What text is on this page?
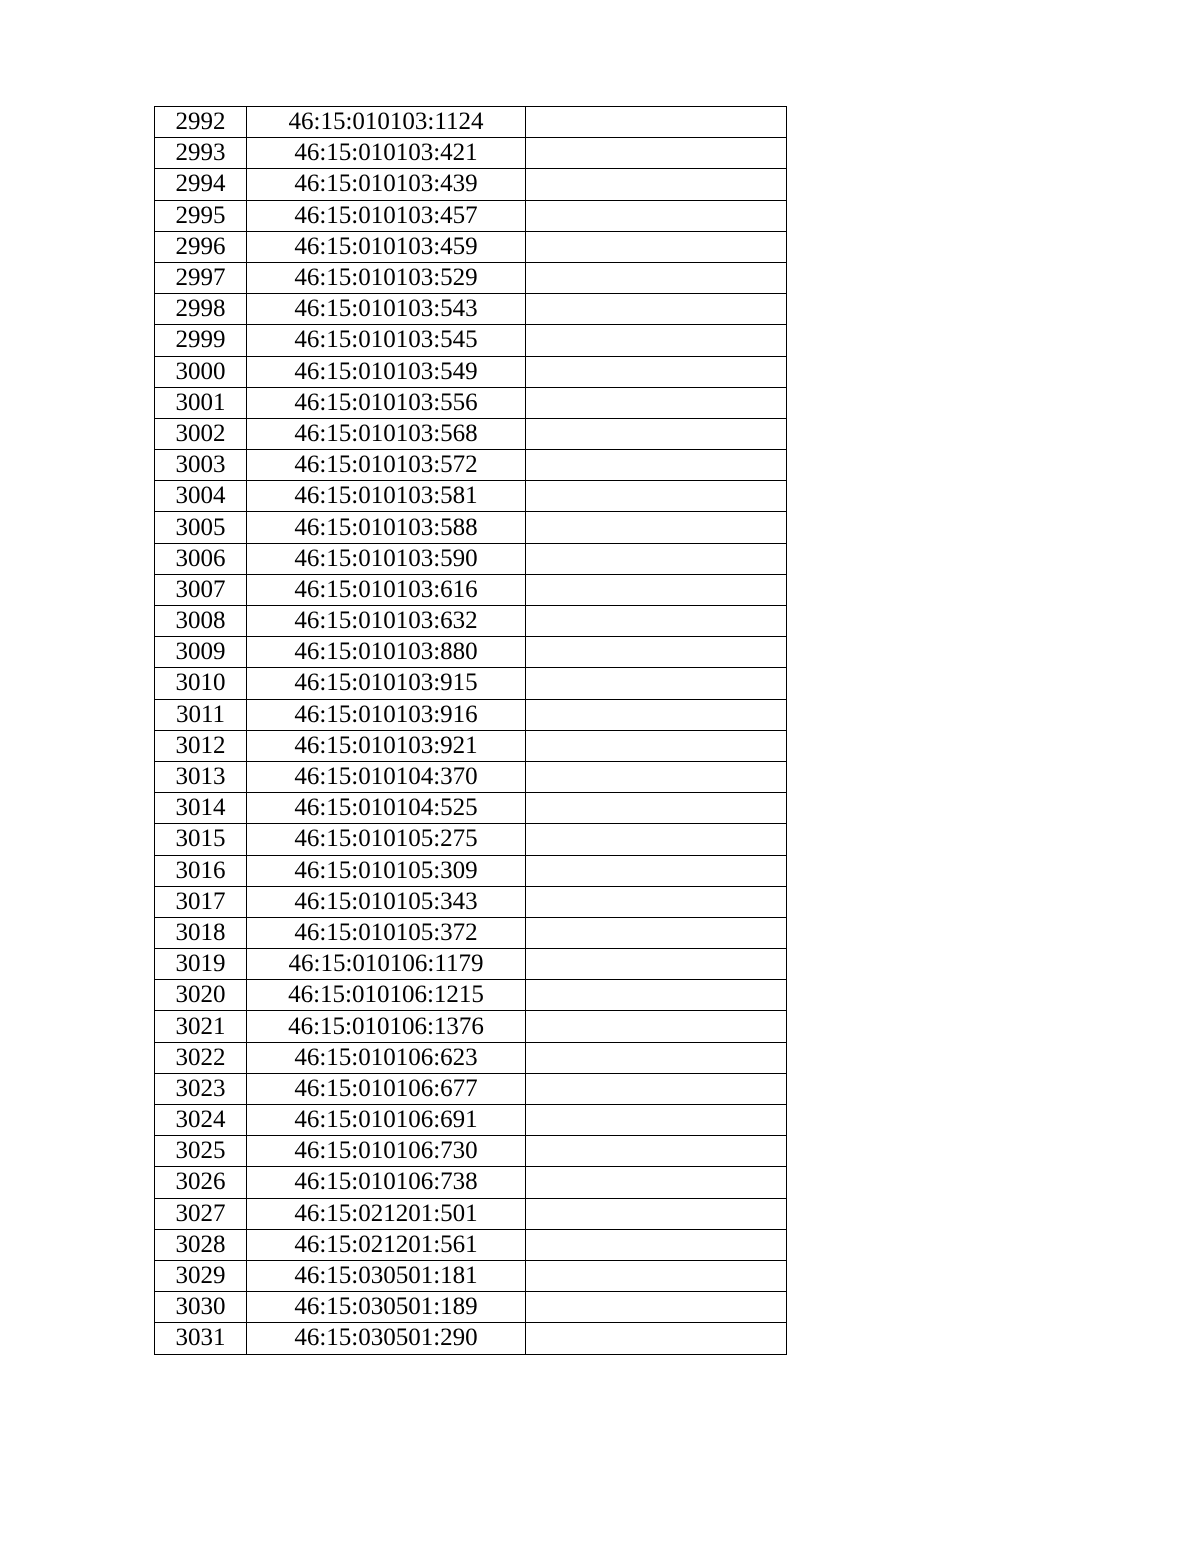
2992	46:15:010103:1124	
2993	46:15:010103:421	
2994	46:15:010103:439	
2995	46:15:010103:457	
2996	46:15:010103:459	
2997	46:15:010103:529	
2998	46:15:010103:543	
2999	46:15:010103:545	
3000	46:15:010103:549	
3001	46:15:010103:556	
3002	46:15:010103:568	
3003	46:15:010103:572	
3004	46:15:010103:581	
3005	46:15:010103:588	
3006	46:15:010103:590	
3007	46:15:010103:616	
3008	46:15:010103:632	
3009	46:15:010103:880	
3010	46:15:010103:915	
3011	46:15:010103:916	
3012	46:15:010103:921	
3013	46:15:010104:370	
3014	46:15:010104:525	
3015	46:15:010105:275	
3016	46:15:010105:309	
3017	46:15:010105:343	
3018	46:15:010105:372	
3019	46:15:010106:1179	
3020	46:15:010106:1215	
3021	46:15:010106:1376	
3022	46:15:010106:623	
3023	46:15:010106:677	
3024	46:15:010106:691	
3025	46:15:010106:730	
3026	46:15:010106:738	
3027	46:15:021201:501	
3028	46:15:021201:561	
3029	46:15:030501:181	
3030	46:15:030501:189	
3031	46:15:030501:290	
